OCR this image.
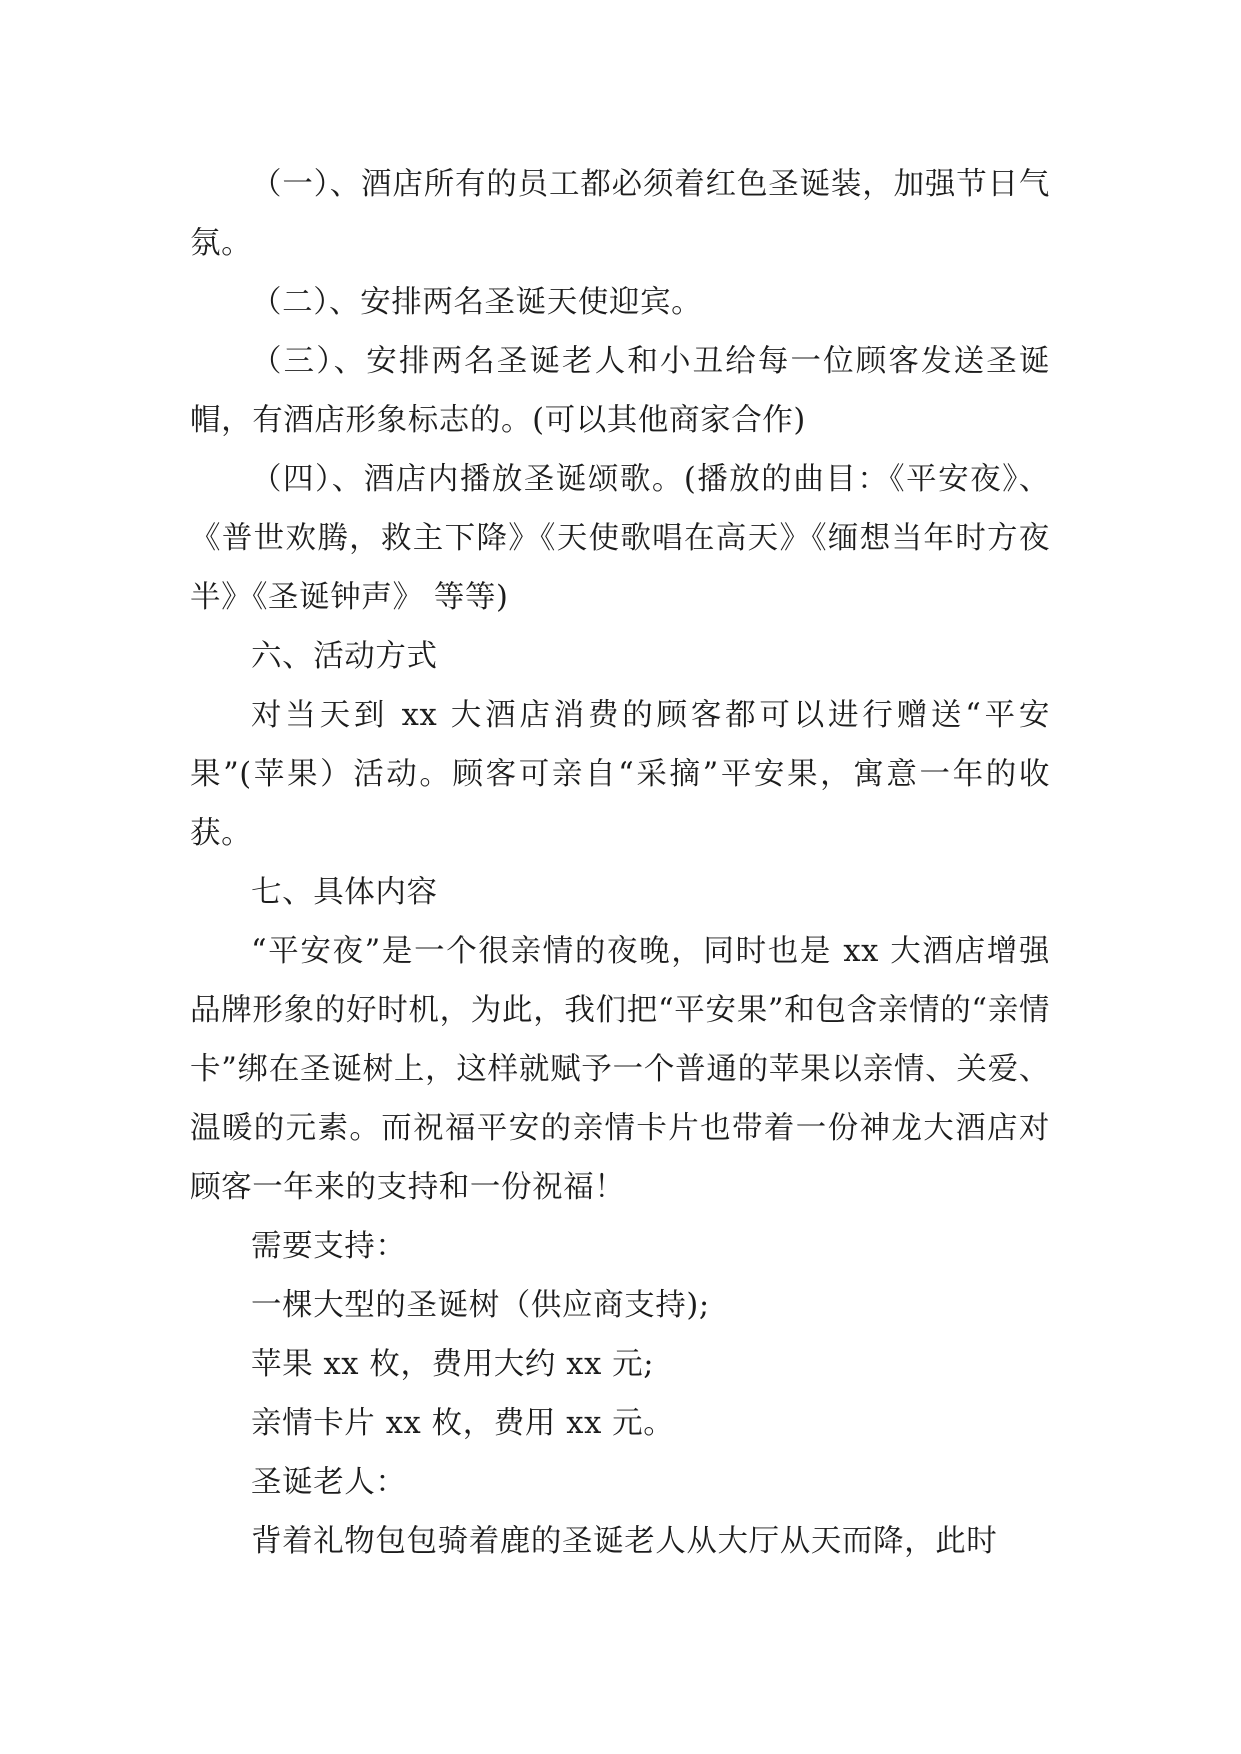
（一）、酒店所有的员工都必须着红色圣诞装，加强节日气氛。

（二）、安排两名圣诞天使迎宾。

（三）、安排两名圣诞老人和小丑给每一位顾客发送圣诞帽，有酒店形象标志的。(可以其他商家合作)

（四）、酒店内播放圣诞颂歌。(播放的曲目：《平安夜》、《普世欢腾，救主下降》《天使歌唱在高天》《缅想当年时方夜半》《圣诞钟声》 等等)

六、活动方式

对当天到 xx 大酒店消费的顾客都可以进行赠送“平安果”(苹果）活动。顾客可亲自“采摘”平安果，寓意一年的收获。

七、具体内容

“平安夜”是一个很亲情的夜晚，同时也是 xx 大酒店增强品牌形象的好时机，为此，我们把“平安果”和包含亲情的“亲情卡”绑在圣诞树上，这样就赋予一个普通的苹果以亲情、关爱、温暖的元素。而祝福平安的亲情卡片也带着一份神龙大酒店对顾客一年来的支持和一份祝福！

需要支持：

一棵大型的圣诞树（供应商支持);

苹果 xx 枚，费用大约 xx 元;

亲情卡片 xx 枚，费用 xx 元。

圣诞老人：

背着礼物包包骑着鹿的圣诞老人从大厅从天而降，此时
